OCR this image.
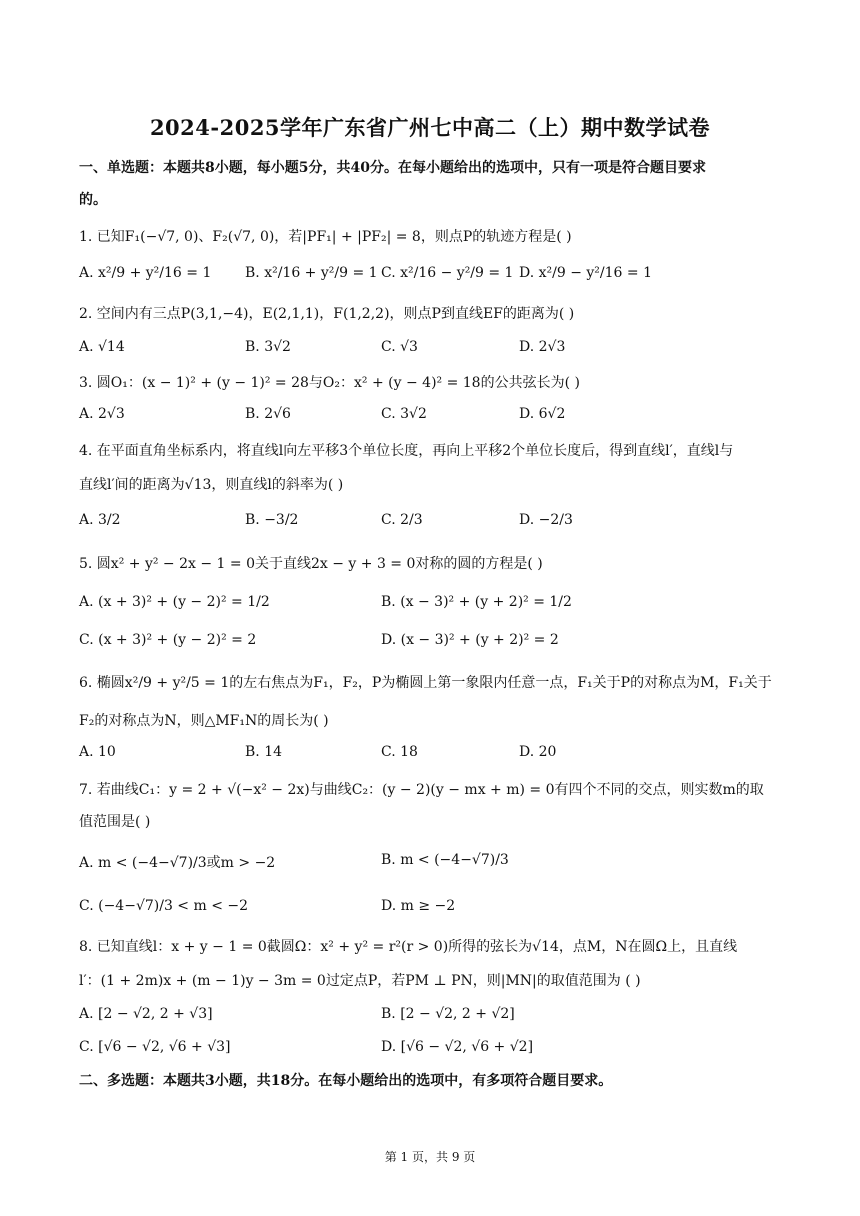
2024-2025学年广东省广州七中高二（上）期中数学试卷
一、单选题：本题共8小题，每小题5分，共40分。在每小题给出的选项中，只有一项是符合题目要求
的。
1. 已知F₁(−√7, 0)、F₂(√7, 0)，若|PF₁| + |PF₂| = 8，则点P的轨迹方程是( )
A. x²/9 + y²/16 = 1 B. x²/16 + y²/9 = 1 C. x²/16 − y²/9 = 1 D. x²/9 − y²/16 = 1
2. 空间内有三点P(3,1,−4)，E(2,1,1)，F(1,2,2)，则点P到直线EF的距离为( )
A. √14	B. 3√2	C. √3	D. 2√3
3. 圆O₁：(x − 1)² + (y − 1)² = 28与O₂：x² + (y − 4)² = 18的公共弦长为( )
A. 2√3	B. 2√6	C. 3√2	D. 6√2
4. 在平面直角坐标系内，将直线l向左平移3个单位长度，再向上平移2个单位长度后，得到直线l′，直线l与
直线l′间的距离为√13，则直线l的斜率为( )
A. 3/2	B. −3/2	C. 2/3	D. −2/3
5. 圆x² + y² − 2x − 1 = 0关于直线2x − y + 3 = 0对称的圆的方程是( )
A. (x + 3)² + (y − 2)² = 1/2	B. (x − 3)² + (y + 2)² = 1/2
C. (x + 3)² + (y − 2)² = 2	D. (x − 3)² + (y + 2)² = 2
6. 椭圆x²/9 + y²/5 = 1的左右焦点为F₁，F₂，P为椭圆上第一象限内任意一点，F₁关于P的对称点为M，F₁关于
F₂的对称点为N，则△MF₁N的周长为( )
A. 10	B. 14	C. 18	D. 20
7. 若曲线C₁：y = 2 + √(−x² − 2x)与曲线C₂：(y − 2)(y − mx + m) = 0有四个不同的交点，则实数m的取
值范围是( )
A. m < (−4−√7)/3或m > −2	B. m < (−4−√7)/3
C. (−4−√7)/3 < m < −2	D. m ≥ −2
8. 已知直线l：x + y − 1 = 0截圆Ω：x² + y² = r²(r > 0)所得的弦长为√14，点M，N在圆Ω上，且直线
l′：(1 + 2m)x + (m − 1)y − 3m = 0过定点P，若PM ⊥ PN，则|MN|的取值范围为 ( )
A. [2 − √2, 2 + √3]	B. [2 − √2, 2 + √2]
C. [√6 − √2, √6 + √3]	D. [√6 − √2, √6 + √2]
二、多选题：本题共3小题，共18分。在每小题给出的选项中，有多项符合题目要求。
第 1 页，共 9 页
